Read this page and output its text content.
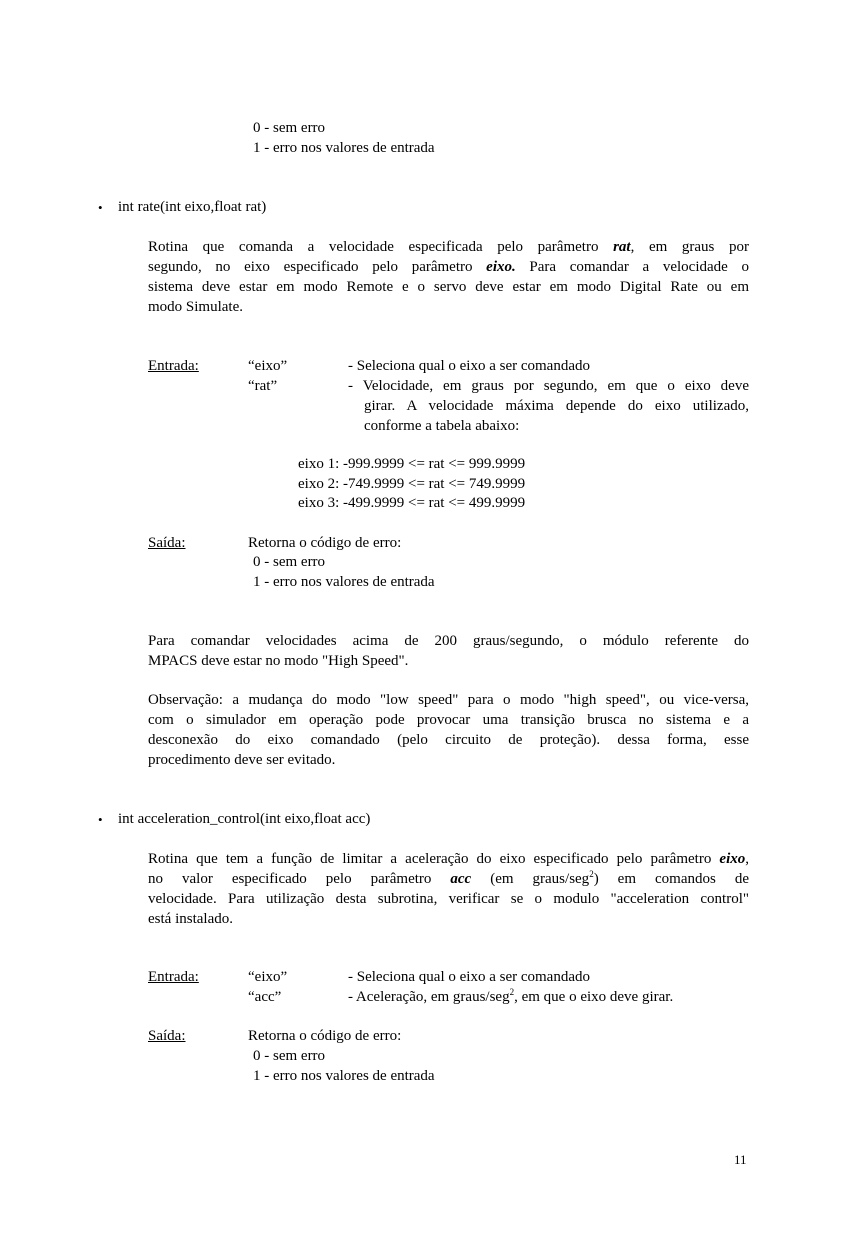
0 - sem erro
1 - erro nos valores de entrada
• int rate(int eixo,float rat)
Rotina que comanda a velocidade especificada pelo parâmetro rat, em graus por
segundo, no eixo especificado pelo parâmetro eixo. Para comandar a velocidade o
sistema deve estar em modo Remote e o servo deve estar em modo Digital Rate ou em
modo Simulate.
Entrada:	“eixo”	- Seleciona qual o eixo a ser comandado
“rat”	- Velocidade, em graus por segundo, em que o eixo deve
girar. A velocidade máxima depende do eixo utilizado,
conforme a tabela abaixo:
eixo 1: -999.9999 <= rat <= 999.9999
eixo 2: -749.9999 <= rat <= 749.9999
eixo 3: -499.9999 <= rat <= 499.9999
Saída:	Retorna o código de erro:
0 - sem erro
1 - erro nos valores de entrada
Para comandar velocidades acima de 200 graus/segundo, o módulo referente do
MPACS deve estar no modo "High Speed".
Observação: a mudança do modo "low speed" para o modo "high speed", ou vice-versa,
com o simulador em operação pode provocar uma transição brusca no sistema e a
desconexão do eixo comandado (pelo circuito de proteção). dessa forma, esse
procedimento deve ser evitado.
• int acceleration_control(int eixo,float acc)
Rotina que tem a função de limitar a aceleração do eixo especificado pelo parâmetro eixo,
no valor especificado pelo parâmetro acc (em graus/seg$^2$) em comandos de
velocidade. Para utilização desta subrotina, verificar se o modulo "acceleration control"
está instalado.
Entrada:	“eixo”	- Seleciona qual o eixo a ser comandado
“acc”	- Aceleração, em graus/seg$^2$, em que o eixo deve girar.
Saída:	Retorna o código de erro:
0 - sem erro
1 - erro nos valores de entrada
11
